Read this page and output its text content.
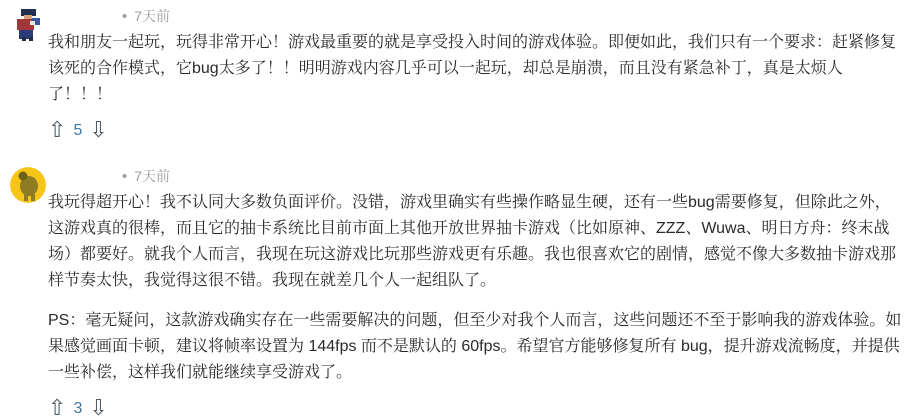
• 7天前

我和朋友一起玩，玩得非常开心！游戏最重要的就是享受投入时间的游戏体验。即便如此，我们只有一个要求：赶紧修复该死的合作模式，它bug太多了！！明明游戏内容几乎可以一起玩，却总是崩溃，而且没有紧急补丁，真是太烦人了！！！

⇧ 5 ⇩
• 7天前

我玩得超开心！我不认同大多数负面评价。没错，游戏里确实有些操作略显生硬，还有一些bug需要修复，但除此之外，这游戏真的很棒，而且它的抽卡系统比目前市面上其他开放世界抽卡游戏（比如原神、ZZZ、Wuwa、明日方舟：终末战场）都要好。就我个人而言，我现在玩这游戏比玩那些游戏更有乐趣。我也很喜欢它的剧情，感觉不像大多数抽卡游戏那样节奏太快，我觉得这很不错。我现在就差几个人一起组队了。

PS：毫无疑问，这款游戏确实存在一些需要解决的问题，但至少对我个人而言，这些问题还不至于影响我的游戏体验。如果感觉画面卡顿，建议将帧率设置为 144fps 而不是默认的 60fps。希望官方能够修复所有 bug，提升游戏流畅度，并提供一些补偿，这样我们就能继续享受游戏了。

⇧ 3 ⇩
